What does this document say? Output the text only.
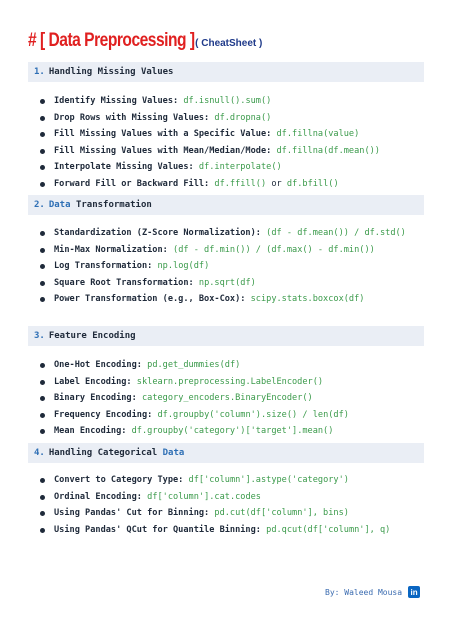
# [ Data Preprocessing ] ( CheatSheet )
1. Handling Missing Values
Identify Missing Values: df.isnull().sum()
Drop Rows with Missing Values: df.dropna()
Fill Missing Values with a Specific Value: df.fillna(value)
Fill Missing Values with Mean/Median/Mode: df.fillna(df.mean())
Interpolate Missing Values: df.interpolate()
Forward Fill or Backward Fill: df.ffill() or df.bfill()
2. Data Transformation
Standardization (Z-Score Normalization): (df - df.mean()) / df.std()
Min-Max Normalization: (df - df.min()) / (df.max() - df.min())
Log Transformation: np.log(df)
Square Root Transformation: np.sqrt(df)
Power Transformation (e.g., Box-Cox): scipy.stats.boxcox(df)
3. Feature Encoding
One-Hot Encoding: pd.get_dummies(df)
Label Encoding: sklearn.preprocessing.LabelEncoder()
Binary Encoding: category_encoders.BinaryEncoder()
Frequency Encoding: df.groupby('column').size() / len(df)
Mean Encoding: df.groupby('category')['target'].mean()
4. Handling Categorical Data
Convert to Category Type: df['column'].astype('category')
Ordinal Encoding: df['column'].cat.codes
Using Pandas' Cut for Binning: pd.cut(df['column'], bins)
Using Pandas' QCut for Quantile Binning: pd.qcut(df['column'], q)
By: Waleed Mousa	in
